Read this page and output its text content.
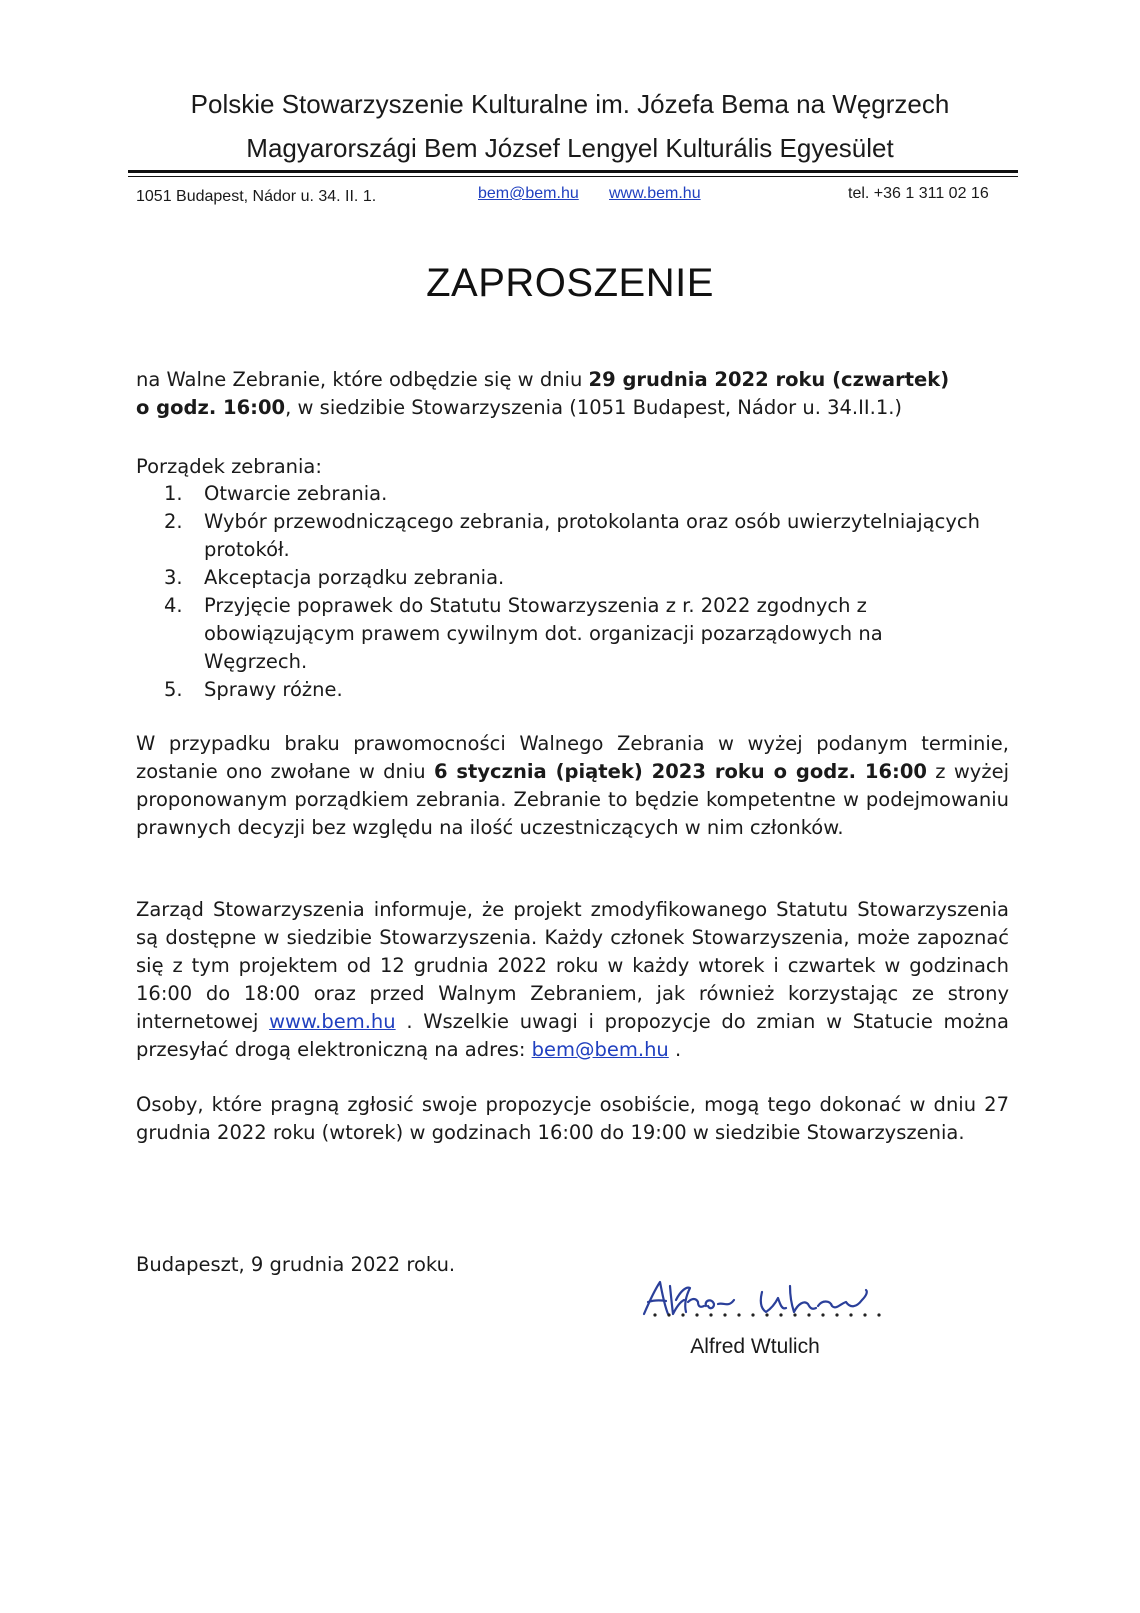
Polskie Stowarzyszenie Kulturalne im. Józefa Bema na Węgrzech
Magyarországi Bem József Lengyel Kulturális Egyesület
1051 Budapest, Nádor u. 34. II. 1.	bem@bem.hu www.bem.hu	tel. +36 1 311 02 16
ZAPROSZENIE
na Walne Zebranie, które odbędzie się w dniu 29 grudnia 2022 roku (czwartek)
o godz. 16:00, w siedzibie Stowarzyszenia (1051 Budapest, Nádor u. 34.II.1.)
Porządek zebrania:
1. Otwarcie zebrania.
2. Wybór przewodniczącego zebrania, protokolanta oraz osób uwierzytelniających protokół.
3. Akceptacja porządku zebrania.
4. Przyjęcie poprawek do Statutu Stowarzyszenia z r. 2022 zgodnych z obowiązującym prawem cywilnym dot. organizacji pozarządowych na Węgrzech.
5. Sprawy różne.
W przypadku braku prawomocności Walnego Zebrania w wyżej podanym terminie, zostanie ono zwołane w dniu 6 stycznia (piątek) 2023 roku o godz. 16:00 z wyżej proponowanym porządkiem zebrania. Zebranie to będzie kompetentne w podejmowaniu prawnych decyzji bez względu na ilość uczestniczących w nim członków.
Zarząd Stowarzyszenia informuje, że projekt zmodyfikowanego Statutu Stowarzyszenia są dostępne w siedzibie Stowarzyszenia. Każdy członek Stowarzyszenia, może zapoznać się z tym projektem od 12 grudnia 2022 roku w każdy wtorek i czwartek w godzinach 16:00 do 18:00 oraz przed Walnym Zebraniem, jak również korzystając ze strony internetowej www.bem.hu . Wszelkie uwagi i propozycje do zmian w Statucie można przesyłać drogą elektroniczną na adres: bem@bem.hu .
Osoby, które pragną zgłosić swoje propozycje osobiście, mogą tego dokonać w dniu 27 grudnia 2022 roku (wtorek) w godzinach 16:00 do 19:00 w siedzibie Stowarzyszenia.
Budapeszt, 9 grudnia 2022 roku.
Alfred Wtulich
